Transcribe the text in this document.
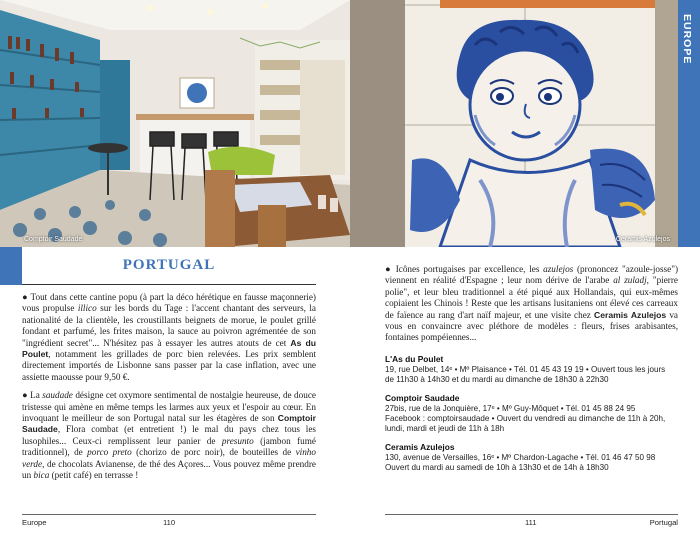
Comptoir Saudade	Ceramis Azulejos
EUROPE
PORTUGAL

● Tout dans cette cantine popu (à part la déco hérétique en fausse maçonnerie) vous propulse illico sur les bords du Tage : l'accent chantant des serveurs, la nationalité de la clientèle, les croustillants beignets de morue, le poulet grillé fondant et parfumé, les frites maison, la sauce au poivron agrémentée de son "ingrédient secret"... N'hésitez pas à essayer les autres atouts de cet As du Poulet, notamment les grillades de porc bien relevées. Les prix semblent directement importés de Lisbonne sans passer par la case inflation, avec une assiette maousse pour 9,50 €.

● La saudade désigne cet oxymore sentimental de nostalgie heureuse, de douce tristesse qui amène en même temps les larmes aux yeux et l'espoir au cœur. En invoquant le meilleur de son Portugal natal sur les étagères de son Comptoir Saudade, Flora combat (et entretient !) le mal du pays chez tous les lusophiles... Ceux-ci remplissent leur panier de presunto (jambon fumé traditionnel), de porco preto (chorizo de porc noir), de bouteilles de vinho verde, de chocolats Avianense, de thé des Açores... Vous pouvez même prendre un bica (petit café) en terrasse !

● Icônes portugaises par excellence, les azulejos (prononcez "azoule-josse") viennent en réalité d'Espagne ; leur nom dérive de l'arabe al zuladj, "pierre polie", et leur bleu traditionnel a été piqué aux Hollandais, qui eux-mêmes copiaient les Chinois ! Reste que les artisans lusitaniens ont élevé ces carreaux de faïence au rang d'art naïf majeur, et une visite chez Ceramis Azulejos va vous en convaincre avec pléthore de modèles : fleurs, frises arabisantes, fontaines pompéiennes...

L'As du Poulet
19, rue Delbet, 14ᵉ • Mº Plaisance • Tél. 01 45 43 19 19 • Ouvert tous les jours
de 11h30 à 14h30 et du mardi au dimanche de 18h30 à 22h30
Comptoir Saudade
27bis, rue de la Jonquière, 17ᵉ • Mº Guy-Môquet • Tél. 01 45 88 24 95
Facebook : comptoirsaudade • Ouvert du vendredi au dimanche de 11h à 20h,
lundi, mardi et jeudi de 11h à 18h
Ceramis Azulejos
130, avenue de Versailles, 16ᵉ • Mº Chardon-Lagache • Tél. 01 46 47 50 98
Ouvert du mardi au samedi de 10h à 13h30 et de 14h à 18h30
Europe	110	111	Portugal
